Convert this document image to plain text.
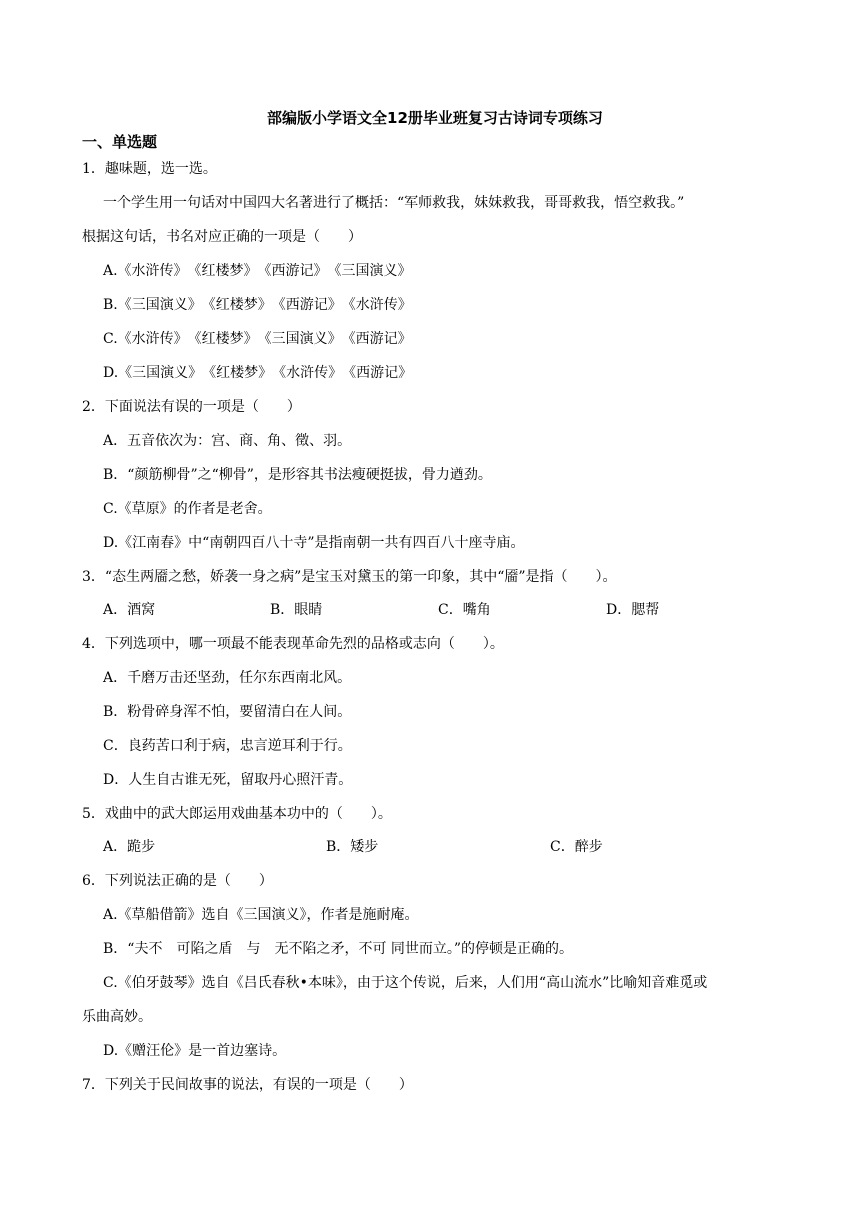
部编版小学语文全12册毕业班复习古诗词专项练习
一、单选题
1．趣味题，选一选。
一个学生用一句话对中国四大名著进行了概括：“军师救我，妹妹救我，哥哥救我，悟空救我。”
根据这句话，书名对应正确的一项是（　　）
A.《水浒传》　《红楼梦》　《西游记》　《三国演义》
B.《三国演义》　《红楼梦》　《西游记》　《水浒传》
C.《水浒传》　《红楼梦》　《三国演义》　《西游记》
D.《三国演义》　《红楼梦》　《水浒传》　《西游记》
2．下面说法有误的一项是（　　）
A．五音依次为：宫、商、角、徵、羽。
B．“颜筋柳骨”之“柳骨”，是形容其书法瘦硬挺拔，骨力遒劲。
C.《草原》的作者是老舍。
D.《江南春》中“南朝四百八十寺”是指南朝一共有四百八十座寺庙。
3．“态生两靥之愁，娇袭一身之病”是宝玉对黛玉的第一印象，其中“靥”是指（　　）。
A．酒窝	B．眼睛	C．嘴角	D．腮帮
4．下列选项中，哪一项最不能表现革命先烈的品格或志向（　　）。
A．千磨万击还坚劲，任尔东西南北风。
B．粉骨碎身浑不怕，要留清白在人间。
C．良药苦口利于病，忠言逆耳利于行。
D．人生自古谁无死，留取丹心照汗青。
5．戏曲中的武大郎运用戏曲基本功中的（　　）。
A．跪步	B．矮步	C．醉步
6．下列说法正确的是（　　）
A.《草船借箭》选自《三国演义》，作者是施耐庵。
B．“夫不　可陷之盾　与　无不陷之矛，不可 同世而立。”的停顿是正确的。
C.《伯牙鼓琴》选自《吕氏春秋•本味》，由于这个传说，后来，人们用“高山流水”比喻知音难觅或
乐曲高妙。
D.《赠汪伦》是一首边塞诗。
7．下列关于民间故事的说法，有误的一项是（　　）
